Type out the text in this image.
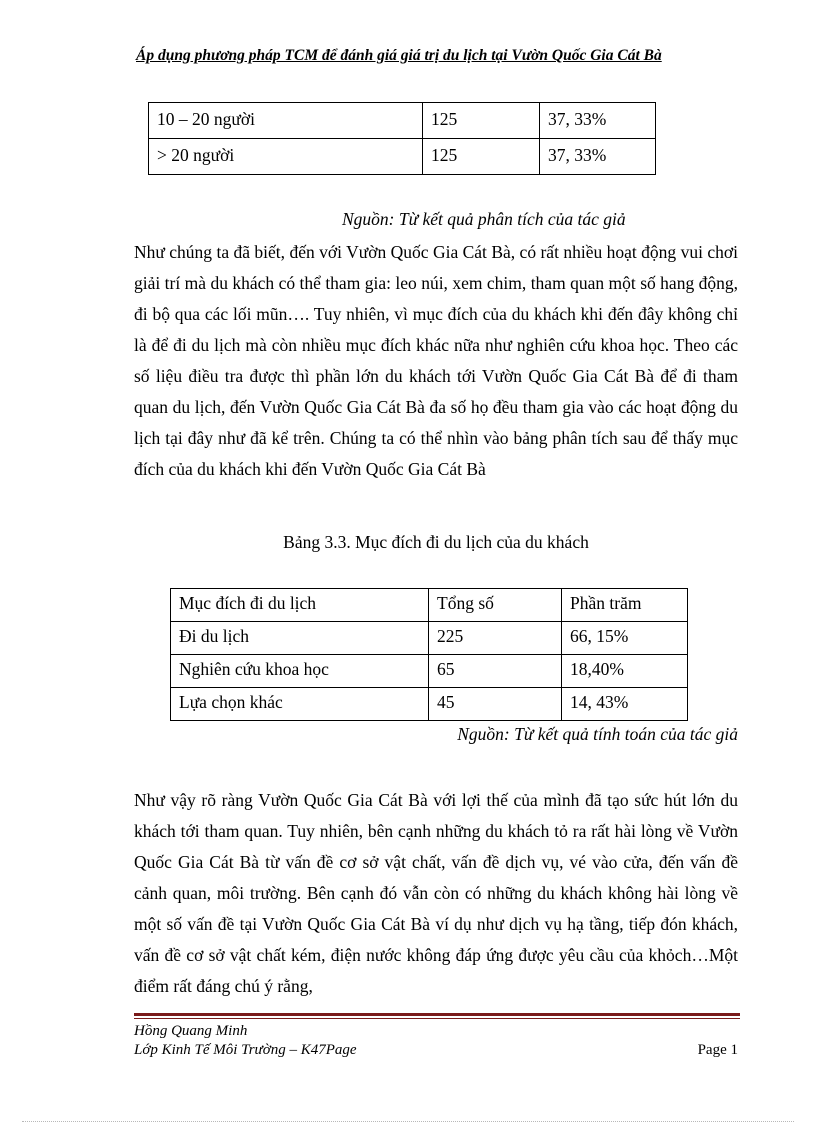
Áp dụng phương pháp TCM để đánh giá giá trị du lịch tại Vườn Quốc Gia Cát Bà
10 – 20 người	125	37, 33%
> 20 người	125	37, 33%
Nguồn: Từ kết quả phân tích của tác giả

Như chúng ta đã biết, đến với Vườn Quốc Gia Cát Bà, có rất nhiều hoạt động vui chơi giải trí mà du khách có thể tham gia: leo núi, xem chim, tham quan một số hang động, đi bộ qua các lối mũn…. Tuy nhiên, vì mục đích của du khách khi đến đây không chỉ là để đi du lịch mà còn nhiều mục đích khác nữa như nghiên cứu khoa học. Theo các số liệu điều tra được thì phần lớn du khách tới Vườn Quốc Gia Cát Bà để đi tham quan du lịch, đến Vườn Quốc Gia Cát Bà đa số họ đều tham gia vào các hoạt động du lịch tại đây như đã kể trên. Chúng ta có thể nhìn vào bảng phân tích sau để thấy mục đích của du khách khi đến Vườn Quốc Gia Cát Bà

Bảng 3.3. Mục đích đi du lịch của du khách
Mục đích đi du lịch	Tổng số	Phần trăm
Đi du lịch	225	66, 15%
Nghiên cứu khoa học	65	18,40%
Lựa chọn khác	45	14, 43%
Nguồn: Từ kết quả tính toán của tác giả

Như vậy rõ ràng Vườn Quốc Gia Cát Bà với lợi thế của mình đã tạo sức hút lớn du khách tới tham quan. Tuy nhiên, bên cạnh những du khách tỏ ra rất hài lòng về Vườn Quốc Gia Cát Bà từ vấn đề cơ sở vật chất, vấn đề dịch vụ, vé vào cửa, đến vấn đề cảnh quan, môi trường. Bên cạnh đó vẫn còn có những du khách không hài lòng về một số vấn đề tại Vườn Quốc Gia Cát Bà ví dụ như dịch vụ hạ tầng, tiếp đón khách, vấn đề cơ sở vật chất kém, điện nước không đáp ứng được yêu cầu của khỏch…Một điểm rất đáng chú ý rằng,

Hồng Quang Minh
Lớp Kinh Tế Môi Trường – K47Page	Page 1
